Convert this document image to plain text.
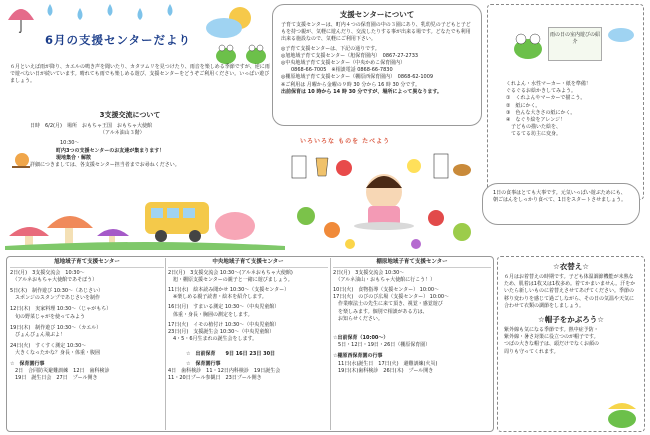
6月の支援センターだより
６月といえば雨が降り、カエルの鳴き声を聞いたり、カタツムリを見つけたり、雨音を楽しめる季節ですが、逆に雨で遊べない日が続いています。晴れても雨でも楽しめる遊び、支援センターをどうぞご利用ください。いっぱい遊びましょう。
3支援交流について
日時　6/2(月)　場所　おもちゃ王国　おもちゃ大使館
（アルネ油山３階）
10:30～
町内3つの支援センターのお友達が集まります！
現地集合・解散
詳細につきましては、各支援センター担当者までお尋ねください。
支援センターについて
子育て支援センターは、町内４つの保育園の中の３園にあり、乳幼児の子どもと子どもを持つ親が、気軽に遊んだり、交流したりする事が出来る場です。どなたでも利用出来る施設なので、気軽にご利用下さい。
◎子育て支援センターは、下記の通りです。
◎旭地域子育て支援センター（旭保育園内）　0867-27-2733
◎中央地域子育て支援センター（中央かめこ保育園内）
　　0868-66-7005　※相談電話 0868-66-7830
◎棚原地域子育て支援センター（棚原西保育園内）　0868-62-1009
※ご利用は 月曜から金曜の９時 30 分から 16 時 30 分です。
出前保育は 10 時から 14 時 30 分ですが、場所によって異なります。
いろいろな ものを たべよう
雨の日の室内遊びの紹介
くれよん・水性マーカー・紙を準備！
ぐるぐるお絵かきしてみよう。
①　くれよんやマーカーで描こう。
②　紙にかく。
③　色んな大きさの紙にかく。
④　なぐり絵をアレンジ！
　子どもの描いた絵を、
　てるてる坊主に変身。
1日の食事はとても大事です。元気いっぱい遊ぶためにも、朝ごはんをしっかり食べて、1日をスタートさせましょう。
旭地域子育て支援センター
2日(月)　3支援交流会　10:30～
　（アルネおもちゃ大使館であそぼう）
5日(木)　制作遊び 10:30～（あじさい）
　スポンジのスタンプであじさいを制作
12日(木)　実家料理 10:30～（じゃがもち）
　旬の野菜じゃがを使ってみよう
19日(木)　制作遊び 10:30～（カエル）
　ぴょんぴょん飛ぶよ！
24日(火)　すくすく測定 10:30～
　大きくなったかな？身長・体重・腹囲
☆　保育園行事
　2日　合同防災避難訓練　12日　歯科検診
　19日　誕生日会　27日　プール開き
中央地域子育て支援センター
2日(月)　3支援交流会 10:30～(アルネおもちゃ大使館)
　旭・棚原支援センターの親子と一緒に遊びましょう。
11日(水)　絵本読み聞かせ 10:30～（支援センター）
　※楽しめる親子読書・絵本を紹介します。
16日(月)　すまいる測定 10:30～（中央児童館）
　体重・身長・胸囲の測定をします。
17日(火)　イモの植付け 10:30～（中央児童館）
23日(月)　支援誕生会 10:30～（中央児童館）
　4・5・6月生まれの誕生会をします。
☆　出前保育　　9日 16日 23日 30日
☆　保育園行事
4日　歯科検診　11・12日内科検診　19日誕生会
11・20日プール参観日　23日プール開き
棚原地域子育て支援センター
2日(月)　3支援交流会 10:30～
　（アルネ油山・おもちゃ大使館に行こう！）
10日(火)　食物指導（支援センター） 10:00～
17日(火)　のびのび広場（支援センター） 10:00～
　作業療法士の先生に来て頂き、視覚・感覚遊び
　を楽しみます。個別で相談がある方は、
　お知らせください。
☆出前保育（10:00～）
　5日・12日・19日・26日（棚原保育園）
☆棚原西保育園の行事
　11日(水)誕生日　17日(火)　避難訓練(火災)
　19日(木)歯科検診　26日(木)　プール開き
☆衣替え☆
６月はお着替えの時期です。子ども体温調節機能が未熟なため、肌着は1枚又は1枚多め。着てかまいません。汗をかいたら新しいものに着替えさせてあげてください。季節の移り変わりを感じて過ごしながら、その日の気温や天気に合わせて衣類の調節をしましょう。
☆帽子をかぶろう☆
紫外線も気になる季節です。熱中症予防・紫外線・暑さ対策に役立つのが帽子です。つばの大きな帽子は、頭だけでなくお顔の周りも守ってくれます。
